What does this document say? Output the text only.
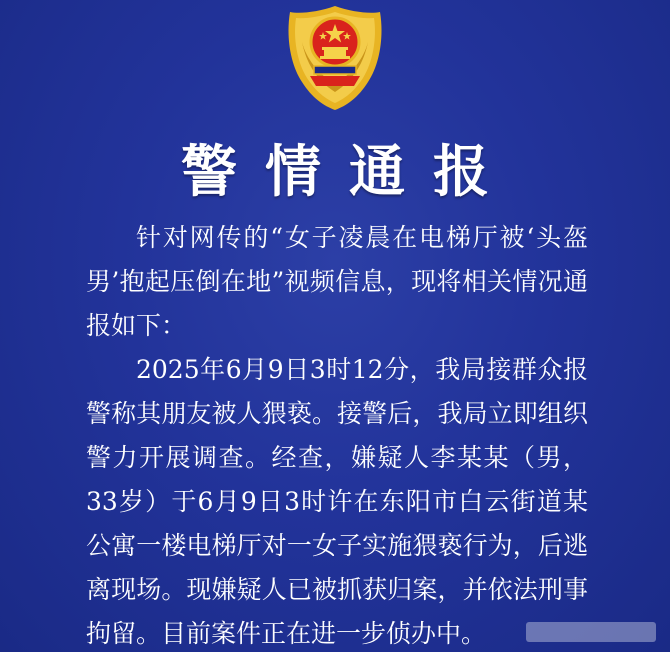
警情通报

针对网传的“女子凌晨在电梯厅被‘头盔男’抱起压倒在地”视频信息，现将相关情况通报如下：

2025年6月9日3时12分，我局接群众报警称其朋友被人猥亵。接警后，我局立即组织警力开展调查。经查，嫌疑人李某某（男，33岁）于6月9日3时许在东阳市白云街道某公寓一楼电梯厅对一女子实施猥亵行为，后逃离现场。现嫌疑人已被抓获归案，并依法刑事拘留。目前案件正在进一步侦办中。
